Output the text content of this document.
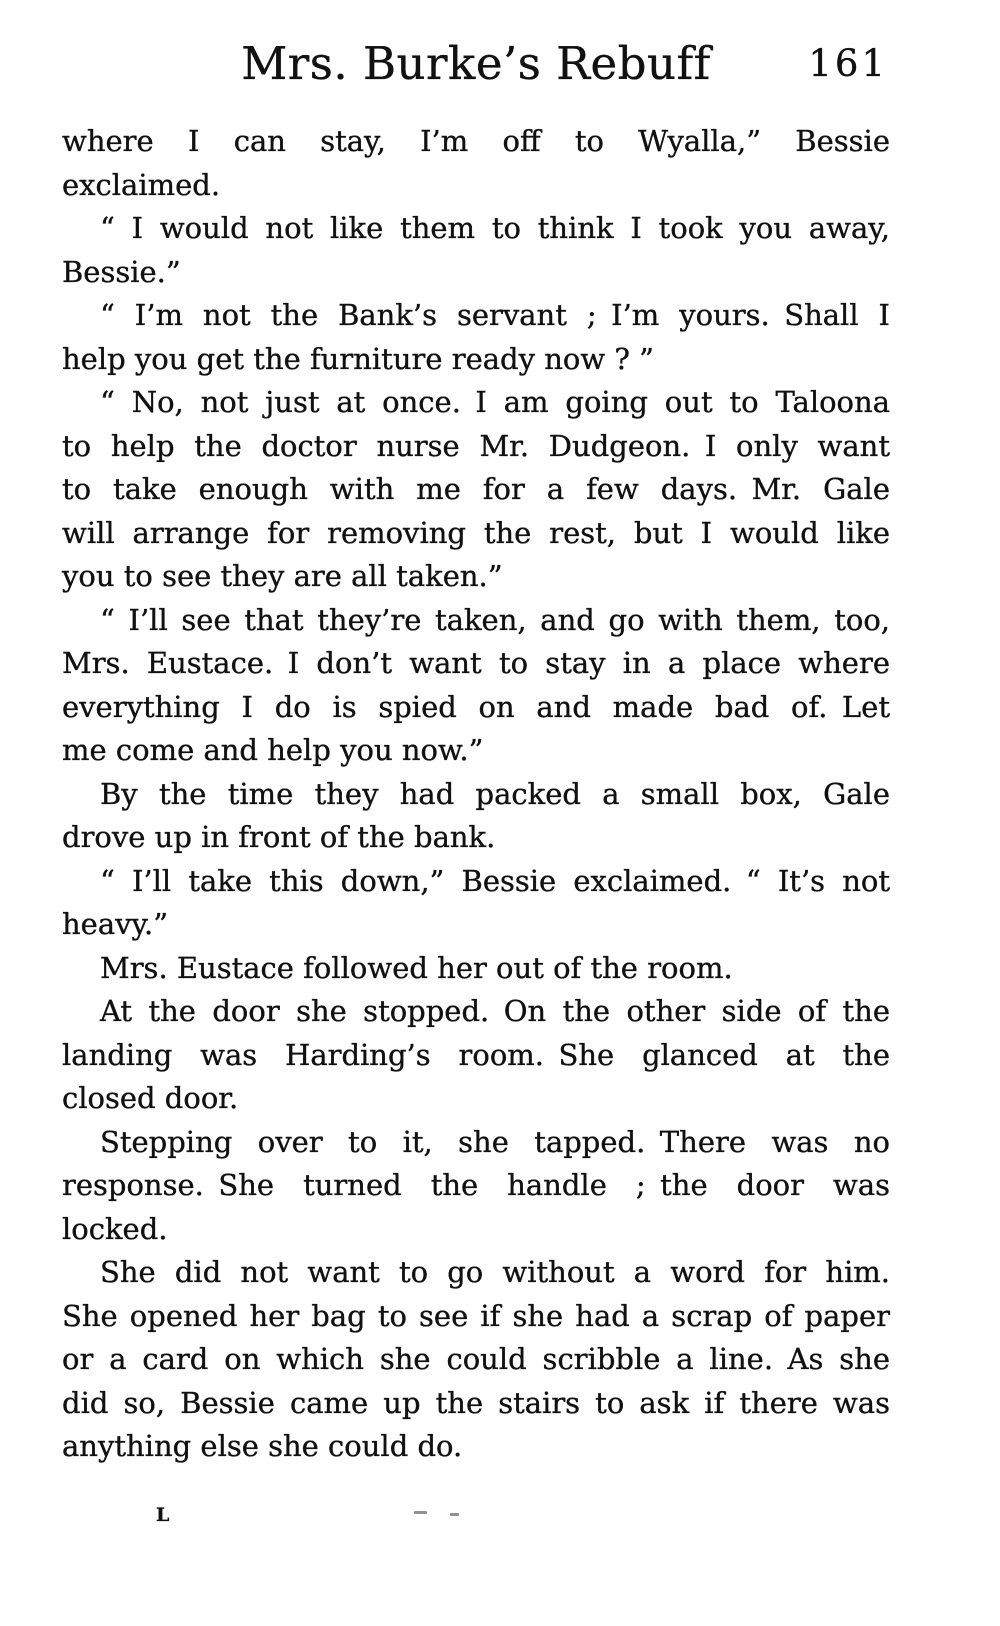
Mrs. Burke’s Rebuff	161
where I can stay, I’m off to Wyalla,” Bessie
exclaimed.
“ I would not like them to think I took you away,
Bessie.”
“ I’m not the Bank’s servant ; I’m yours. Shall I
help you get the furniture ready now ? ”
“ No, not just at once. I am going out to Taloona
to help the doctor nurse Mr. Dudgeon. I only want
to take enough with me for a few days. Mr. Gale
will arrange for removing the rest, but I would like
you to see they are all taken.”
“ I’ll see that they’re taken, and go with them, too,
Mrs. Eustace. I don’t want to stay in a place where
everything I do is spied on and made bad of. Let
me come and help you now.”
By the time they had packed a small box, Gale
drove up in front of the bank.
“ I’ll take this down,” Bessie exclaimed. “ It’s not
heavy.”
Mrs. Eustace followed her out of the room.
At the door she stopped. On the other side of the
landing was Harding’s room. She glanced at the
closed door.
Stepping over to it, she tapped. There was no
response. She turned the handle ; the door was
locked.
She did not want to go without a word for him.
She opened her bag to see if she had a scrap of paper
or a card on which she could scribble a line. As she
did so, Bessie came up the stairs to ask if there was
anything else she could do.
L
